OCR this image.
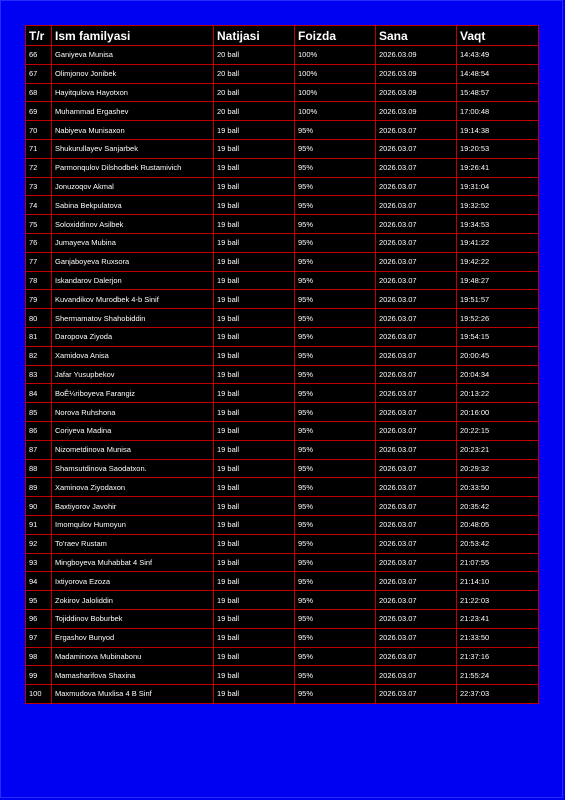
T/r	Ism familyasi	Natijasi	Foizda	Sana	Vaqt
66	Ganiyeva Munisa	20 ball	100%	2026.03.09	14:43:49
67	Olimjonov Jonibek	20 ball	100%	2026.03.09	14:48:54
68	Hayitqulova Hayotxon	20 ball	100%	2026.03.09	15:48:57
69	Muhammad Ergashev	20 ball	100%	2026.03.09	17:00:48
70	Nabiyeva Munisaxon	19 ball	95%	2026.03.07	19:14:38
71	Shukurullayev Sanjarbek	19 ball	95%	2026.03.07	19:20:53
72	Parmonqulov Dilshodbek Rustamivich	19 ball	95%	2026.03.07	19:26:41
73	Jonuzoqov Akmal	19 ball	95%	2026.03.07	19:31:04
74	Sabina Bekpulatova	19 ball	95%	2026.03.07	19:32:52
75	Soloxiddinov Asilbek	19 ball	95%	2026.03.07	19:34:53
76	Jumayeva Mubina	19 ball	95%	2026.03.07	19:41:22
77	Ganjaboyeva Ruxsora	19 ball	95%	2026.03.07	19:42:22
78	Iskandarov Dalerjon	19 ball	95%	2026.03.07	19:48:27
79	Kuvandikov Murodbek 4-b Sinif	19 ball	95%	2026.03.07	19:51:57
80	Shermamatov Shahobiddin	19 ball	95%	2026.03.07	19:52:26
81	Daropova Ziyoda	19 ball	95%	2026.03.07	19:54:15
82	Xamidova Anisa	19 ball	95%	2026.03.07	20:00:45
83	Jafar Yusupbekov	19 ball	95%	2026.03.07	20:04:34
84	BoÊ¼riboyeva Farangiz	19 ball	95%	2026.03.07	20:13:22
85	Norova Ruhshona	19 ball	95%	2026.03.07	20:16:00
86	Coriyeva Madina	19 ball	95%	2026.03.07	20:22:15
87	Nizometdinova Munisa	19 ball	95%	2026.03.07	20:23:21
88	Shamsutdinova Saodatxon.	19 ball	95%	2026.03.07	20:29:32
89	Xaminova Ziyodaxon	19 ball	95%	2026.03.07	20:33:50
90	Baxtiyorov Javohir	19 ball	95%	2026.03.07	20:35:42
91	Imomqulov Humoyun	19 ball	95%	2026.03.07	20:48:05
92	To'raev Rustam	19 ball	95%	2026.03.07	20:53:42
93	Mingboyeva Muhabbat 4 Sinf	19 ball	95%	2026.03.07	21:07:55
94	Ixtiyorova Ezoza	19 ball	95%	2026.03.07	21:14:10
95	Zokirov Jaloliddin	19 ball	95%	2026.03.07	21:22:03
96	Tojiddinov Boburbek	19 ball	95%	2026.03.07	21:23:41
97	Ergashov Bunyod	19 ball	95%	2026.03.07	21:33:50
98	Madaminova Mubinabonu	19 ball	95%	2026.03.07	21:37:16
99	Mamasharifova Shaxina	19 ball	95%	2026.03.07	21:55:24
100	Maxmudova Muxlisa 4 B Sinf	19 ball	95%	2026.03.07	22:37:03
